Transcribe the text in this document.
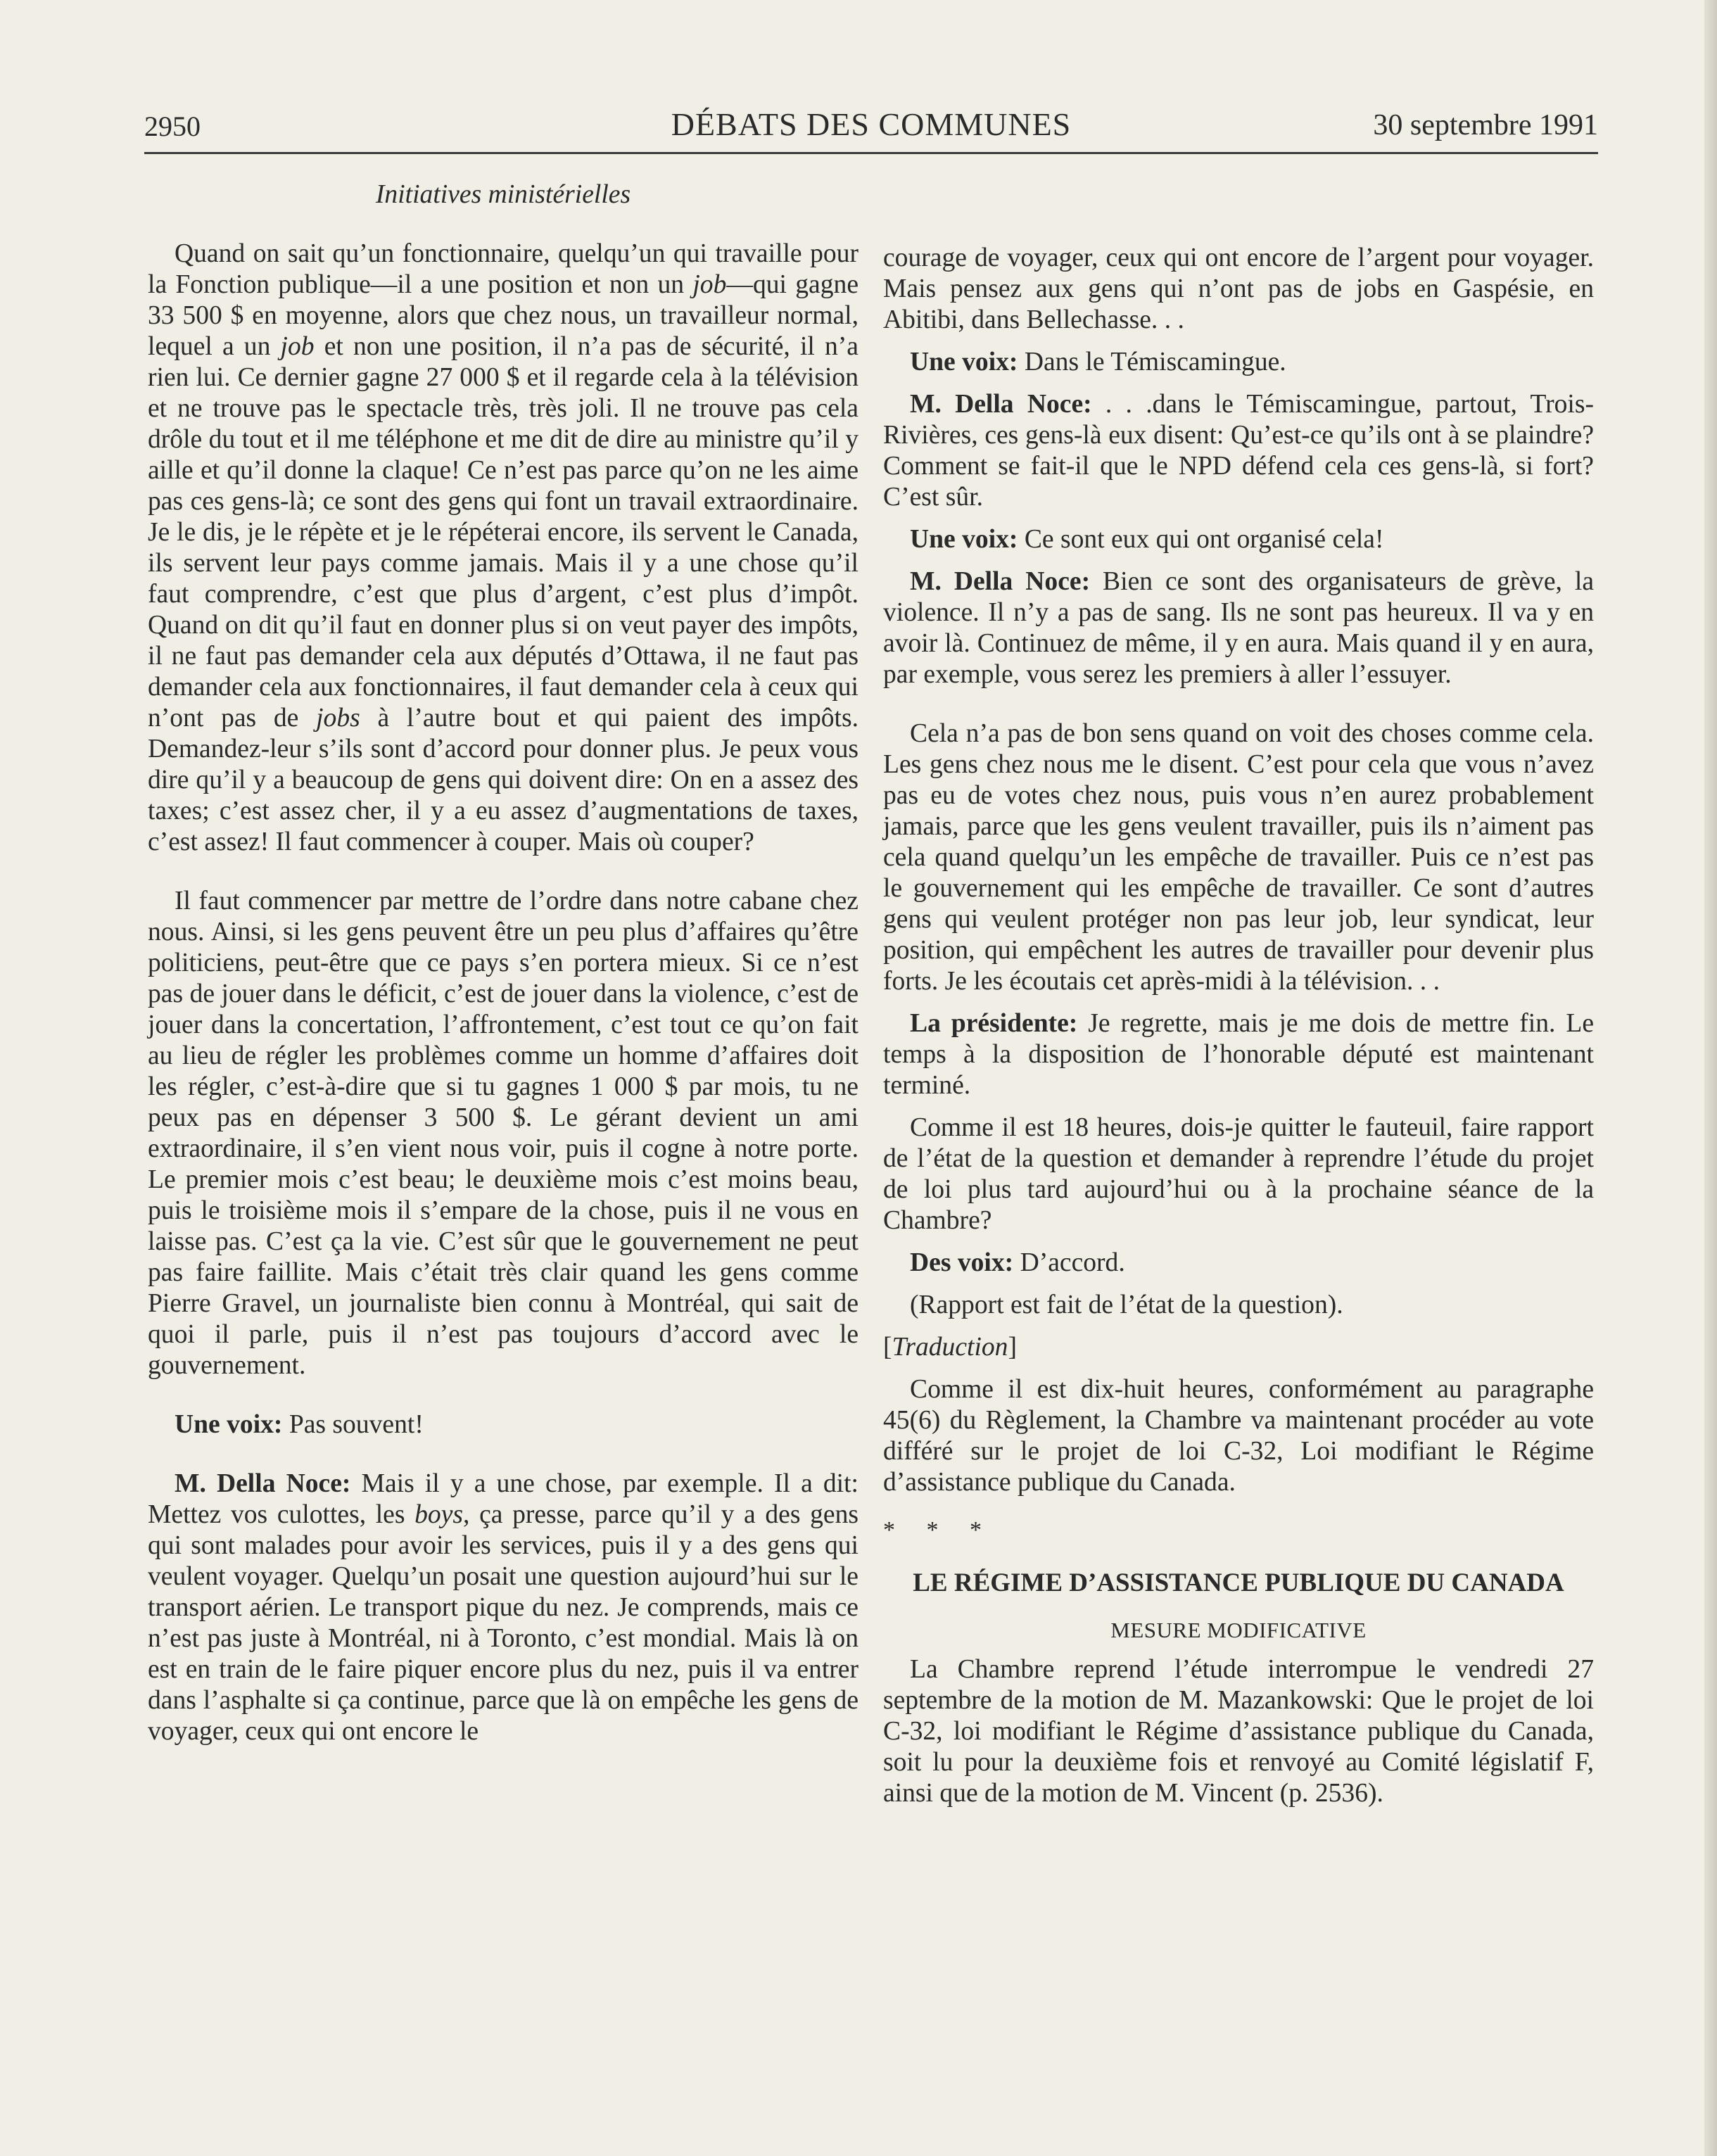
2950	DÉBATS DES COMMUNES	30 septembre 1991
Initiatives ministérielles

Quand on sait qu’un fonctionnaire, quelqu’un qui travaille pour la Fonction publique—il a une position et non un job—qui gagne 33 500 $ en moyenne, alors que chez nous, un travailleur normal, lequel a un job et non une position, il n’a pas de sécurité, il n’a rien lui. Ce dernier gagne 27 000 $ et il regarde cela à la télévision et ne trouve pas le spectacle très, très joli. Il ne trouve pas cela drôle du tout et il me téléphone et me dit de dire au ministre qu’il y aille et qu’il donne la claque! Ce n’est pas parce qu’on ne les aime pas ces gens-là; ce sont des gens qui font un travail extraordinaire. Je le dis, je le répète et je le répéterai encore, ils servent le Canada, ils servent leur pays comme jamais. Mais il y a une chose qu’il faut comprendre, c’est que plus d’argent, c’est plus d’impôt. Quand on dit qu’il faut en donner plus si on veut payer des impôts, il ne faut pas demander cela aux députés d’Ottawa, il ne faut pas demander cela aux fonctionnaires, il faut demander cela à ceux qui n’ont pas de jobs à l’autre bout et qui paient des impôts. Demandez-leur s’ils sont d’accord pour donner plus. Je peux vous dire qu’il y a beaucoup de gens qui doivent dire: On en a assez des taxes; c’est assez cher, il y a eu assez d’augmentations de taxes, c’est assez! Il faut commencer à couper. Mais où couper?

Il faut commencer par mettre de l’ordre dans notre cabane chez nous. Ainsi, si les gens peuvent être un peu plus d’affaires qu’être politiciens, peut-être que ce pays s’en portera mieux. Si ce n’est pas de jouer dans le déficit, c’est de jouer dans la violence, c’est de jouer dans la concertation, l’affrontement, c’est tout ce qu’on fait au lieu de régler les problèmes comme un homme d’affaires doit les régler, c’est-à-dire que si tu gagnes 1 000 $ par mois, tu ne peux pas en dépenser 3 500 $. Le gérant devient un ami extraordinaire, il s’en vient nous voir, puis il cogne à notre porte. Le premier mois c’est beau; le deuxième mois c’est moins beau, puis le troisième mois il s’empare de la chose, puis il ne vous en laisse pas. C’est ça la vie. C’est sûr que le gouvernement ne peut pas faire faillite. Mais c’était très clair quand les gens comme Pierre Gravel, un journaliste bien connu à Montréal, qui sait de quoi il parle, puis il n’est pas toujours d’accord avec le gouvernement.

Une voix: Pas souvent!

M. Della Noce: Mais il y a une chose, par exemple. Il a dit: Mettez vos culottes, les boys, ça presse, parce qu’il y a des gens qui sont malades pour avoir les services, puis il y a des gens qui veulent voyager. Quelqu’un posait une question aujourd’hui sur le transport aérien. Le transport pique du nez. Je comprends, mais ce n’est pas juste à Montréal, ni à Toronto, c’est mondial. Mais là on est en train de le faire piquer encore plus du nez, puis il va entrer dans l’asphalte si ça continue, parce que là on empêche les gens de voyager, ceux qui ont encore le

courage de voyager, ceux qui ont encore de l’argent pour voyager. Mais pensez aux gens qui n’ont pas de jobs en Gaspésie, en Abitibi, dans Bellechasse. . .

Une voix: Dans le Témiscamingue.

M. Della Noce: . . .dans le Témiscamingue, partout, Trois-Rivières, ces gens-là eux disent: Qu’est-ce qu’ils ont à se plaindre? Comment se fait-il que le NPD défend cela ces gens-là, si fort? C’est sûr.

Une voix: Ce sont eux qui ont organisé cela!

M. Della Noce: Bien ce sont des organisateurs de grève, la violence. Il n’y a pas de sang. Ils ne sont pas heureux. Il va y en avoir là. Continuez de même, il y en aura. Mais quand il y en aura, par exemple, vous serez les premiers à aller l’essuyer.

Cela n’a pas de bon sens quand on voit des choses comme cela. Les gens chez nous me le disent. C’est pour cela que vous n’avez pas eu de votes chez nous, puis vous n’en aurez probablement jamais, parce que les gens veulent travailler, puis ils n’aiment pas cela quand quelqu’un les empêche de travailler. Puis ce n’est pas le gouvernement qui les empêche de travailler. Ce sont d’autres gens qui veulent protéger non pas leur job, leur syndicat, leur position, qui empêchent les autres de travailler pour devenir plus forts. Je les écoutais cet après-midi à la télévision. . .

La présidente: Je regrette, mais je me dois de mettre fin. Le temps à la disposition de l’honorable député est maintenant terminé.

Comme il est 18 heures, dois-je quitter le fauteuil, faire rapport de l’état de la question et demander à reprendre l’étude du projet de loi plus tard aujourd’hui ou à la prochaine séance de la Chambre?

Des voix: D’accord.

(Rapport est fait de l’état de la question).

[Traduction]

Comme il est dix-huit heures, conformément au paragraphe 45(6) du Règlement, la Chambre va maintenant procéder au vote différé sur le projet de loi C-32, Loi modifiant le Régime d’assistance publique du Canada.

* * *

LE RÉGIME D’ASSISTANCE PUBLIQUE DU CANADA

MESURE MODIFICATIVE

La Chambre reprend l’étude interrompue le vendredi 27 septembre de la motion de M. Mazankowski: Que le projet de loi C-32, loi modifiant le Régime d’assistance publique du Canada, soit lu pour la deuxième fois et renvoyé au Comité législatif F, ainsi que de la motion de M. Vincent (p. 2536).
